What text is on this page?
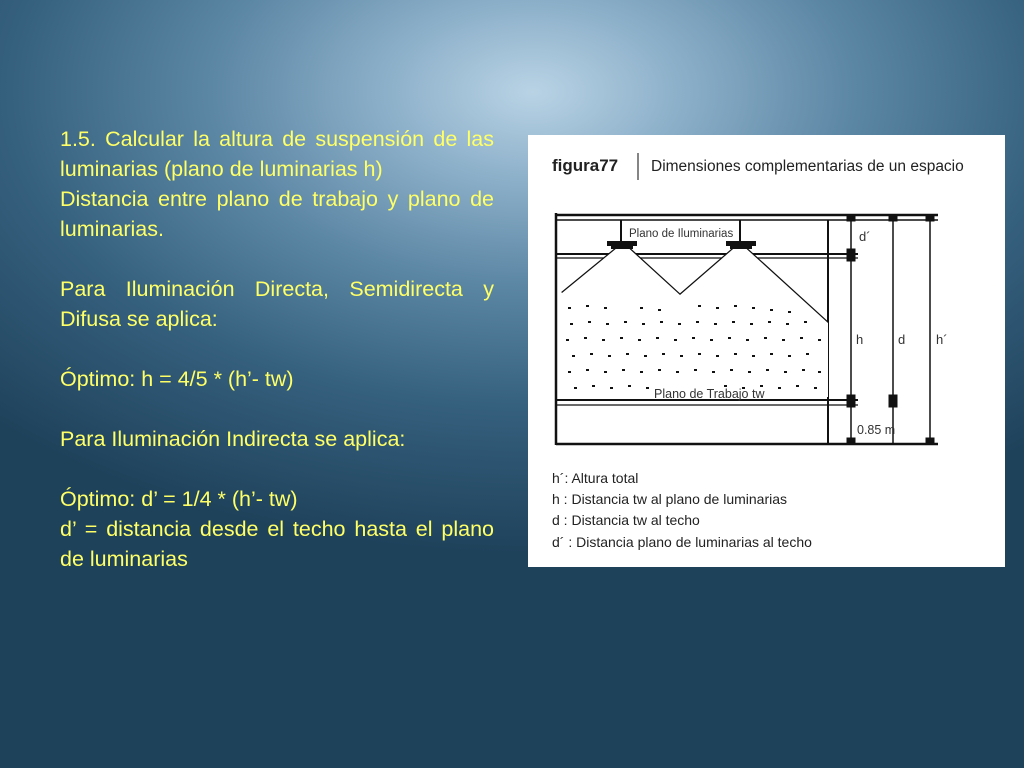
1.5. Calcular la altura de suspensión de las luminarias (plano de luminarias h)

Distancia entre plano de trabajo y plano de luminarias.

Para Iluminación Directa, Semidirecta y Difusa se aplica:

Óptimo: h = 4/5 * (h’- tw)

Para Iluminación Indirecta se aplica:

Óptimo: d’ = 1/4 * (h’- tw)

d’ = distancia desde el techo hasta el plano de luminarias

figura77 Dimensiones complementarias de un espacio
Plano de Iluminarias
Plano de Trabajo tw
d´
h	d h´
0.85 m
h´: Altura total
h : Distancia tw al plano de luminarias
d : Distancia tw al techo
d´ : Distancia plano de luminarias al techo
